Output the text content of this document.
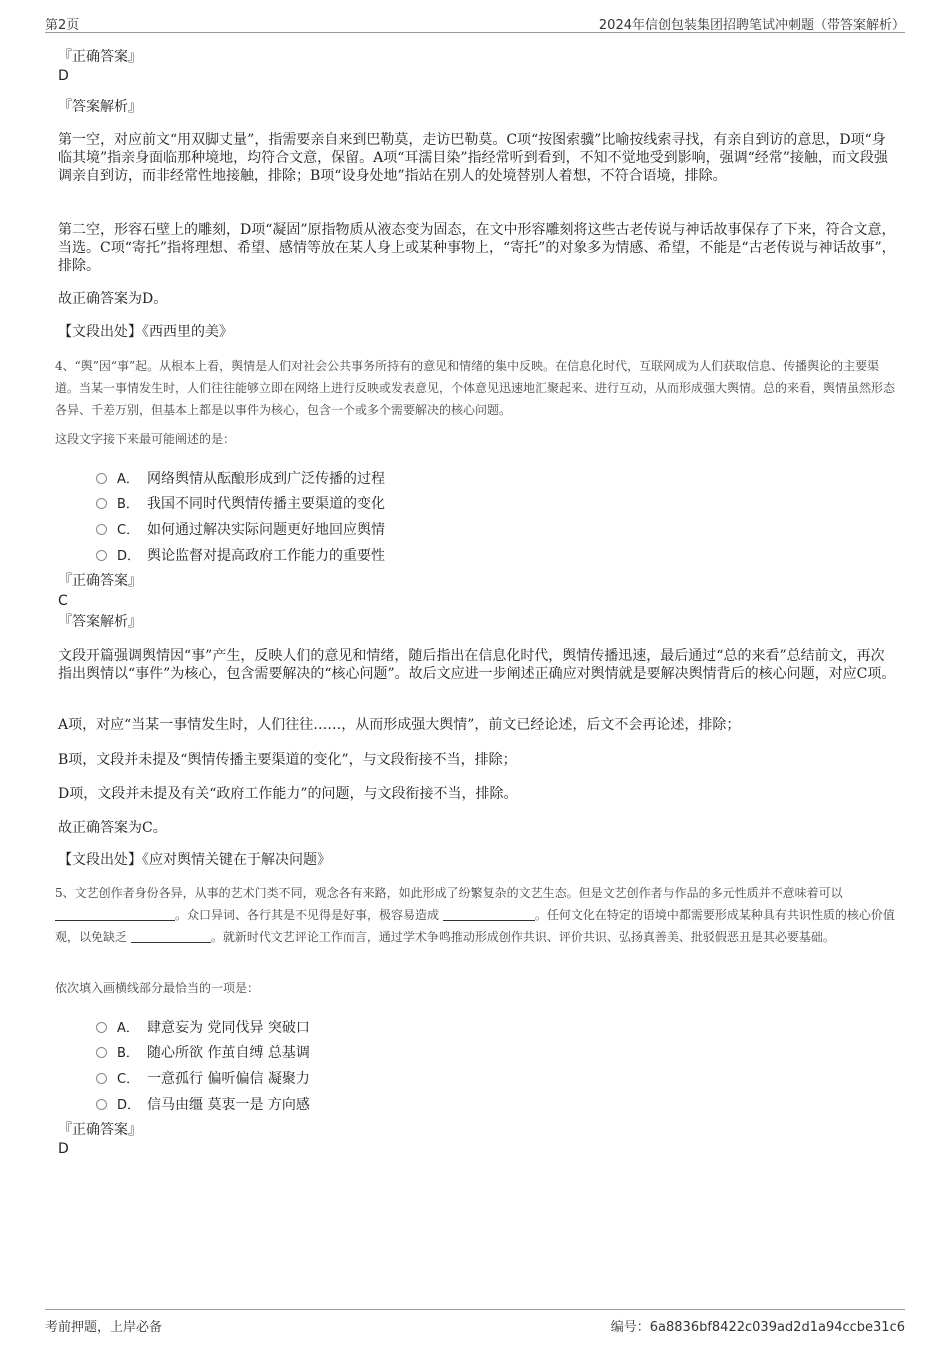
第2页	2024年信创包装集团招聘笔试冲刺题（带答案解析）
『正确答案』
D
『答案解析』
第一空，对应前文“用双脚丈量”，指需要亲自来到巴勒莫，走访巴勒莫。C项“按图索骥”比喻按线索寻找，有亲自到访的意思，D项“身临其境”指亲身面临那种境地，均符合文意，保留。A项“耳濡目染”指经常听到看到，不知不觉地受到影响，强调“经常”接触，而文段强调亲自到访，而非经常性地接触，排除；B项“设身处地”指站在别人的处境替别人着想，不符合语境，排除。
第二空，形容石壁上的雕刻，D项“凝固”原指物质从液态变为固态，在文中形容雕刻将这些古老传说与神话故事保存了下来，符合文意，当选。C项“寄托”指将理想、希望、感情等放在某人身上或某种事物上，“寄托”的对象多为情感、希望，不能是“古老传说与神话故事”，排除。
故正确答案为D。
【文段出处】《西西里的美》
4、“舆”因“事”起。从根本上看，舆情是人们对社会公共事务所持有的意见和情绪的集中反映。在信息化时代，互联网成为人们获取信息、传播舆论的主要渠道。当某一事情发生时，人们往往能够立即在网络上进行反映或发表意见，个体意见迅速地汇聚起来、进行互动，从而形成强大舆情。总的来看，舆情虽然形态各异、千差万别，但基本上都是以事件为核心，包含一个或多个需要解决的核心问题。
这段文字接下来最可能阐述的是：
A． 网络舆情从酝酿形成到广泛传播的过程
B． 我国不同时代舆情传播主要渠道的变化
C． 如何通过解决实际问题更好地回应舆情
D． 舆论监督对提高政府工作能力的重要性
『正确答案』
C
『答案解析』
文段开篇强调舆情因“事”产生，反映人们的意见和情绪，随后指出在信息化时代，舆情传播迅速，最后通过“总的来看”总结前文，再次指出舆情以“事件”为核心，包含需要解决的“核心问题”。故后文应进一步阐述正确应对舆情就是要解决舆情背后的核心问题，对应C项。
A项，对应“当某一事情发生时，人们往往……，从而形成强大舆情”，前文已经论述，后文不会再论述，排除；
B项，文段并未提及“舆情传播主要渠道的变化”，与文段衔接不当，排除；
D项，文段并未提及有关“政府工作能力”的问题，与文段衔接不当，排除。
故正确答案为C。
【文段出处】《应对舆情关键在于解决问题》
5、文艺创作者身份各异，从事的艺术门类不同，观念各有来路，如此形成了纷繁复杂的文艺生态。但是文艺创作者与作品的多元性质并不意味着可以 。众口异词、各行其是不见得是好事，极容易造成	。任何文化在特定的语境中都需要形成某种具有共识性质的核心价值观，以免缺乏	。就新时代文艺评论工作而言，通过学术争鸣推动形成创作共识、评价共识、弘扬真善美、批驳假恶丑是其必要基础。
依次填入画横线部分最恰当的一项是：
A． 肆意妄为 党同伐异 突破口
B． 随心所欲 作茧自缚 总基调
C． 一意孤行 偏听偏信 凝聚力
D． 信马由缰 莫衷一是 方向感
『正确答案』
D
考前押题，上岸必备	编号：6a8836bf8422c039ad2d1a94ccbe31c6
